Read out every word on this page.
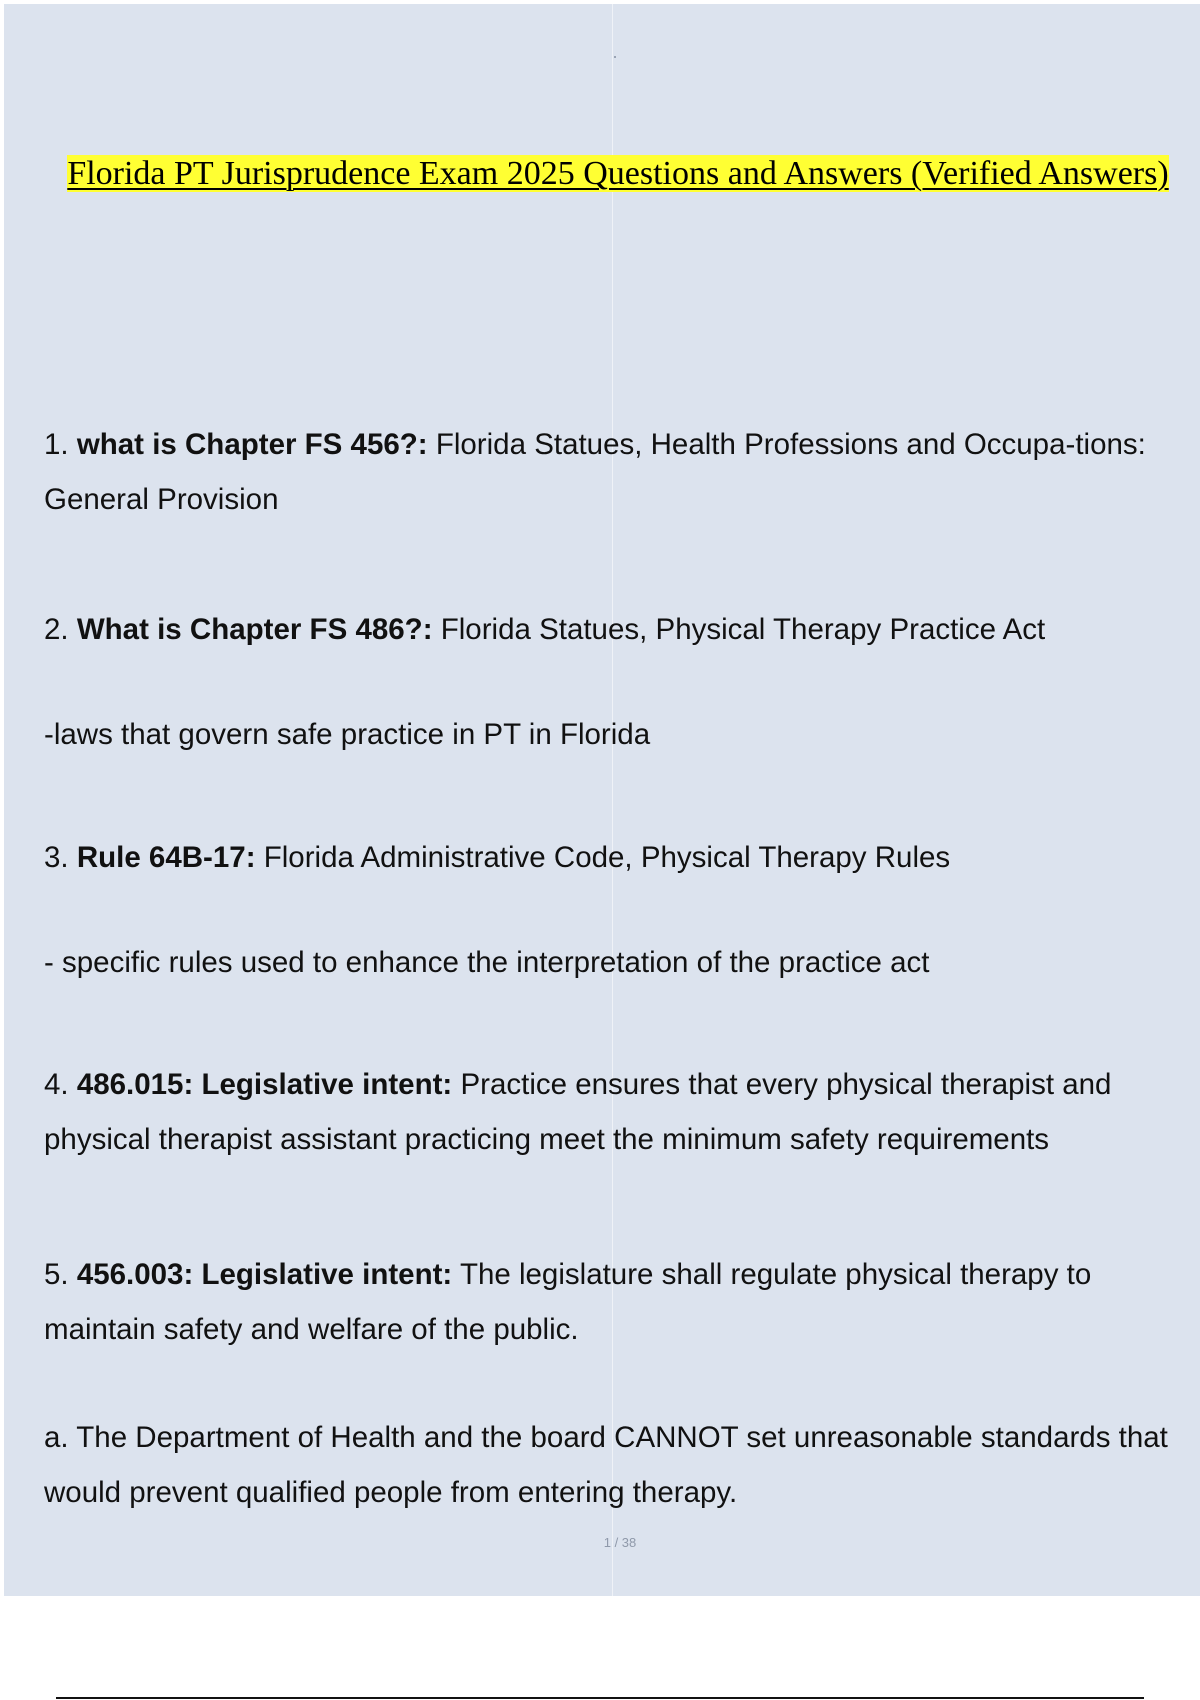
Florida PT Jurisprudence Exam 2025 Questions and Answers (Verified Answers)
1. what is Chapter FS 456?: Florida Statues, Health Professions and Occupa-tions: General Provision
2. What is Chapter FS 486?: Florida Statues, Physical Therapy Practice Act
-laws that govern safe practice in PT in Florida
3. Rule 64B-17: Florida Administrative Code, Physical Therapy Rules
- specific rules used to enhance the interpretation of the practice act
4. 486.015: Legislative intent: Practice ensures that every physical therapist and physical therapist assistant practicing meet the minimum safety requirements
5. 456.003: Legislative intent: The legislature shall regulate physical therapy to maintain safety and welfare of the public.
a. The Department of Health and the board CANNOT set unreasonable standards that would prevent qualified people from entering therapy.
1 / 38
